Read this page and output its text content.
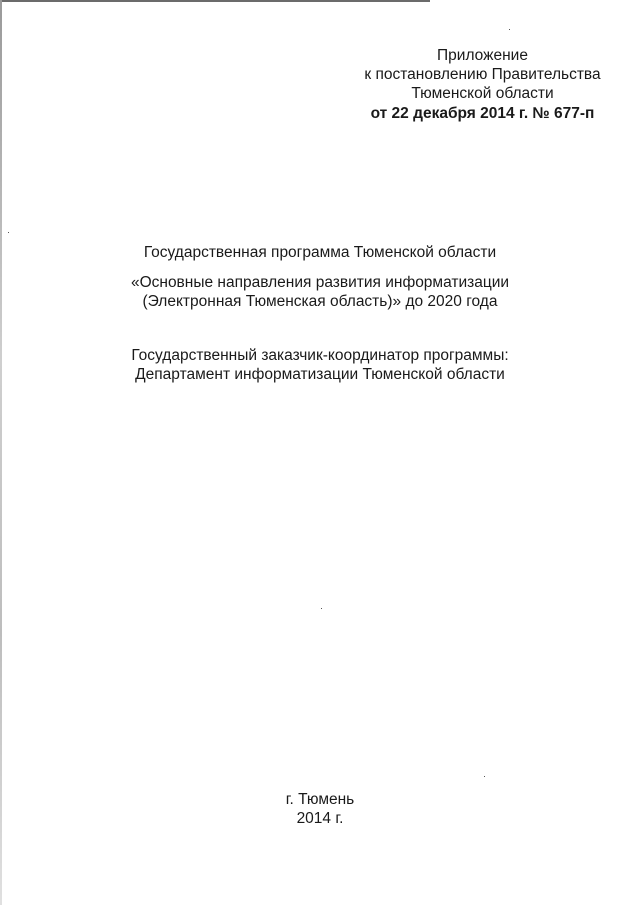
Приложение
к постановлению Правительства
Тюменской области
от 22 декабря 2014 г. № 677-п
Государственная программа Тюменской области
«Основные направления развития информатизации
(Электронная Тюменская область)» до 2020 года
Государственный заказчик-координатор программы:
Департамент информатизации Тюменской области
г. Тюмень
2014 г.
